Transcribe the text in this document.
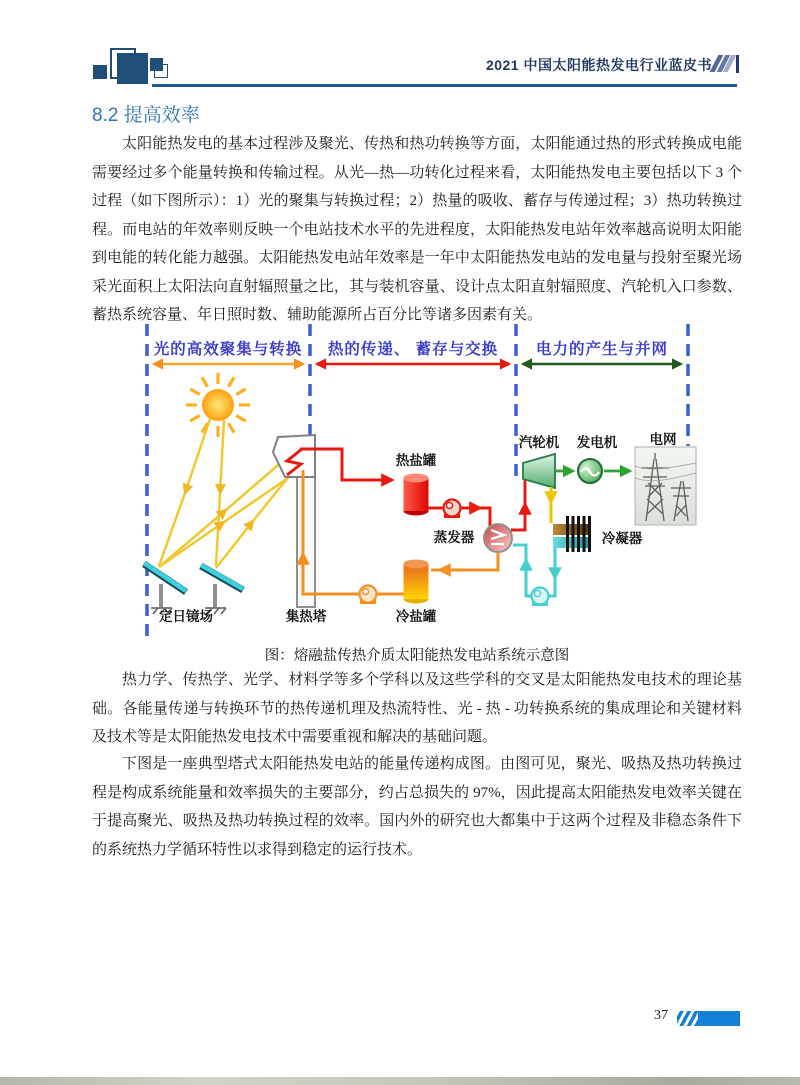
2021 中国太阳能热发电行业蓝皮书
8.2 提高效率
太阳能热发电的基本过程涉及聚光、传热和热功转换等方面，太阳能通过热的形式转换成电能需要经过多个能量转换和传输过程。从光—热—功转化过程来看，太阳能热发电主要包括以下 3 个过程（如下图所示）：1）光的聚集与转换过程；2）热量的吸收、蓄存与传递过程；3）热功转换过程。而电站的年效率则反映一个电站技术水平的先进程度，太阳能热发电站年效率越高说明太阳能到电能的转化能力越强。太阳能热发电站年效率是一年中太阳能热发电站的发电量与投射至聚光场采光面积上太阳法向直射辐照量之比，其与装机容量、设计点太阳直射辐照度、汽轮机入口参数、蓄热系统容量、年日照时数、辅助能源所占百分比等诸多因素有关。
光的高效聚集与转换 热的传递、 蓄存与交换 电力的产生与并网
定日镜场	集热塔
热盐罐
冷盐罐
蒸发器
汽轮机 发电机 电网
冷凝器
图：熔融盐传热介质太阳能热发电站系统示意图
热力学、传热学、光学、材料学等多个学科以及这些学科的交叉是太阳能热发电技术的理论基础。各能量传递与转换环节的热传递机理及热流特性、光 - 热 - 功转换系统的集成理论和关键材料及技术等是太阳能热发电技术中需要重视和解决的基础问题。
下图是一座典型塔式太阳能热发电站的能量传递构成图。由图可见，聚光、吸热及热功转换过程是构成系统能量和效率损失的主要部分，约占总损失的 97%，因此提高太阳能热发电效率关键在于提高聚光、吸热及热功转换过程的效率。国内外的研究也大都集中于这两个过程及非稳态条件下的系统热力学循环特性以求得到稳定的运行技术。
37
